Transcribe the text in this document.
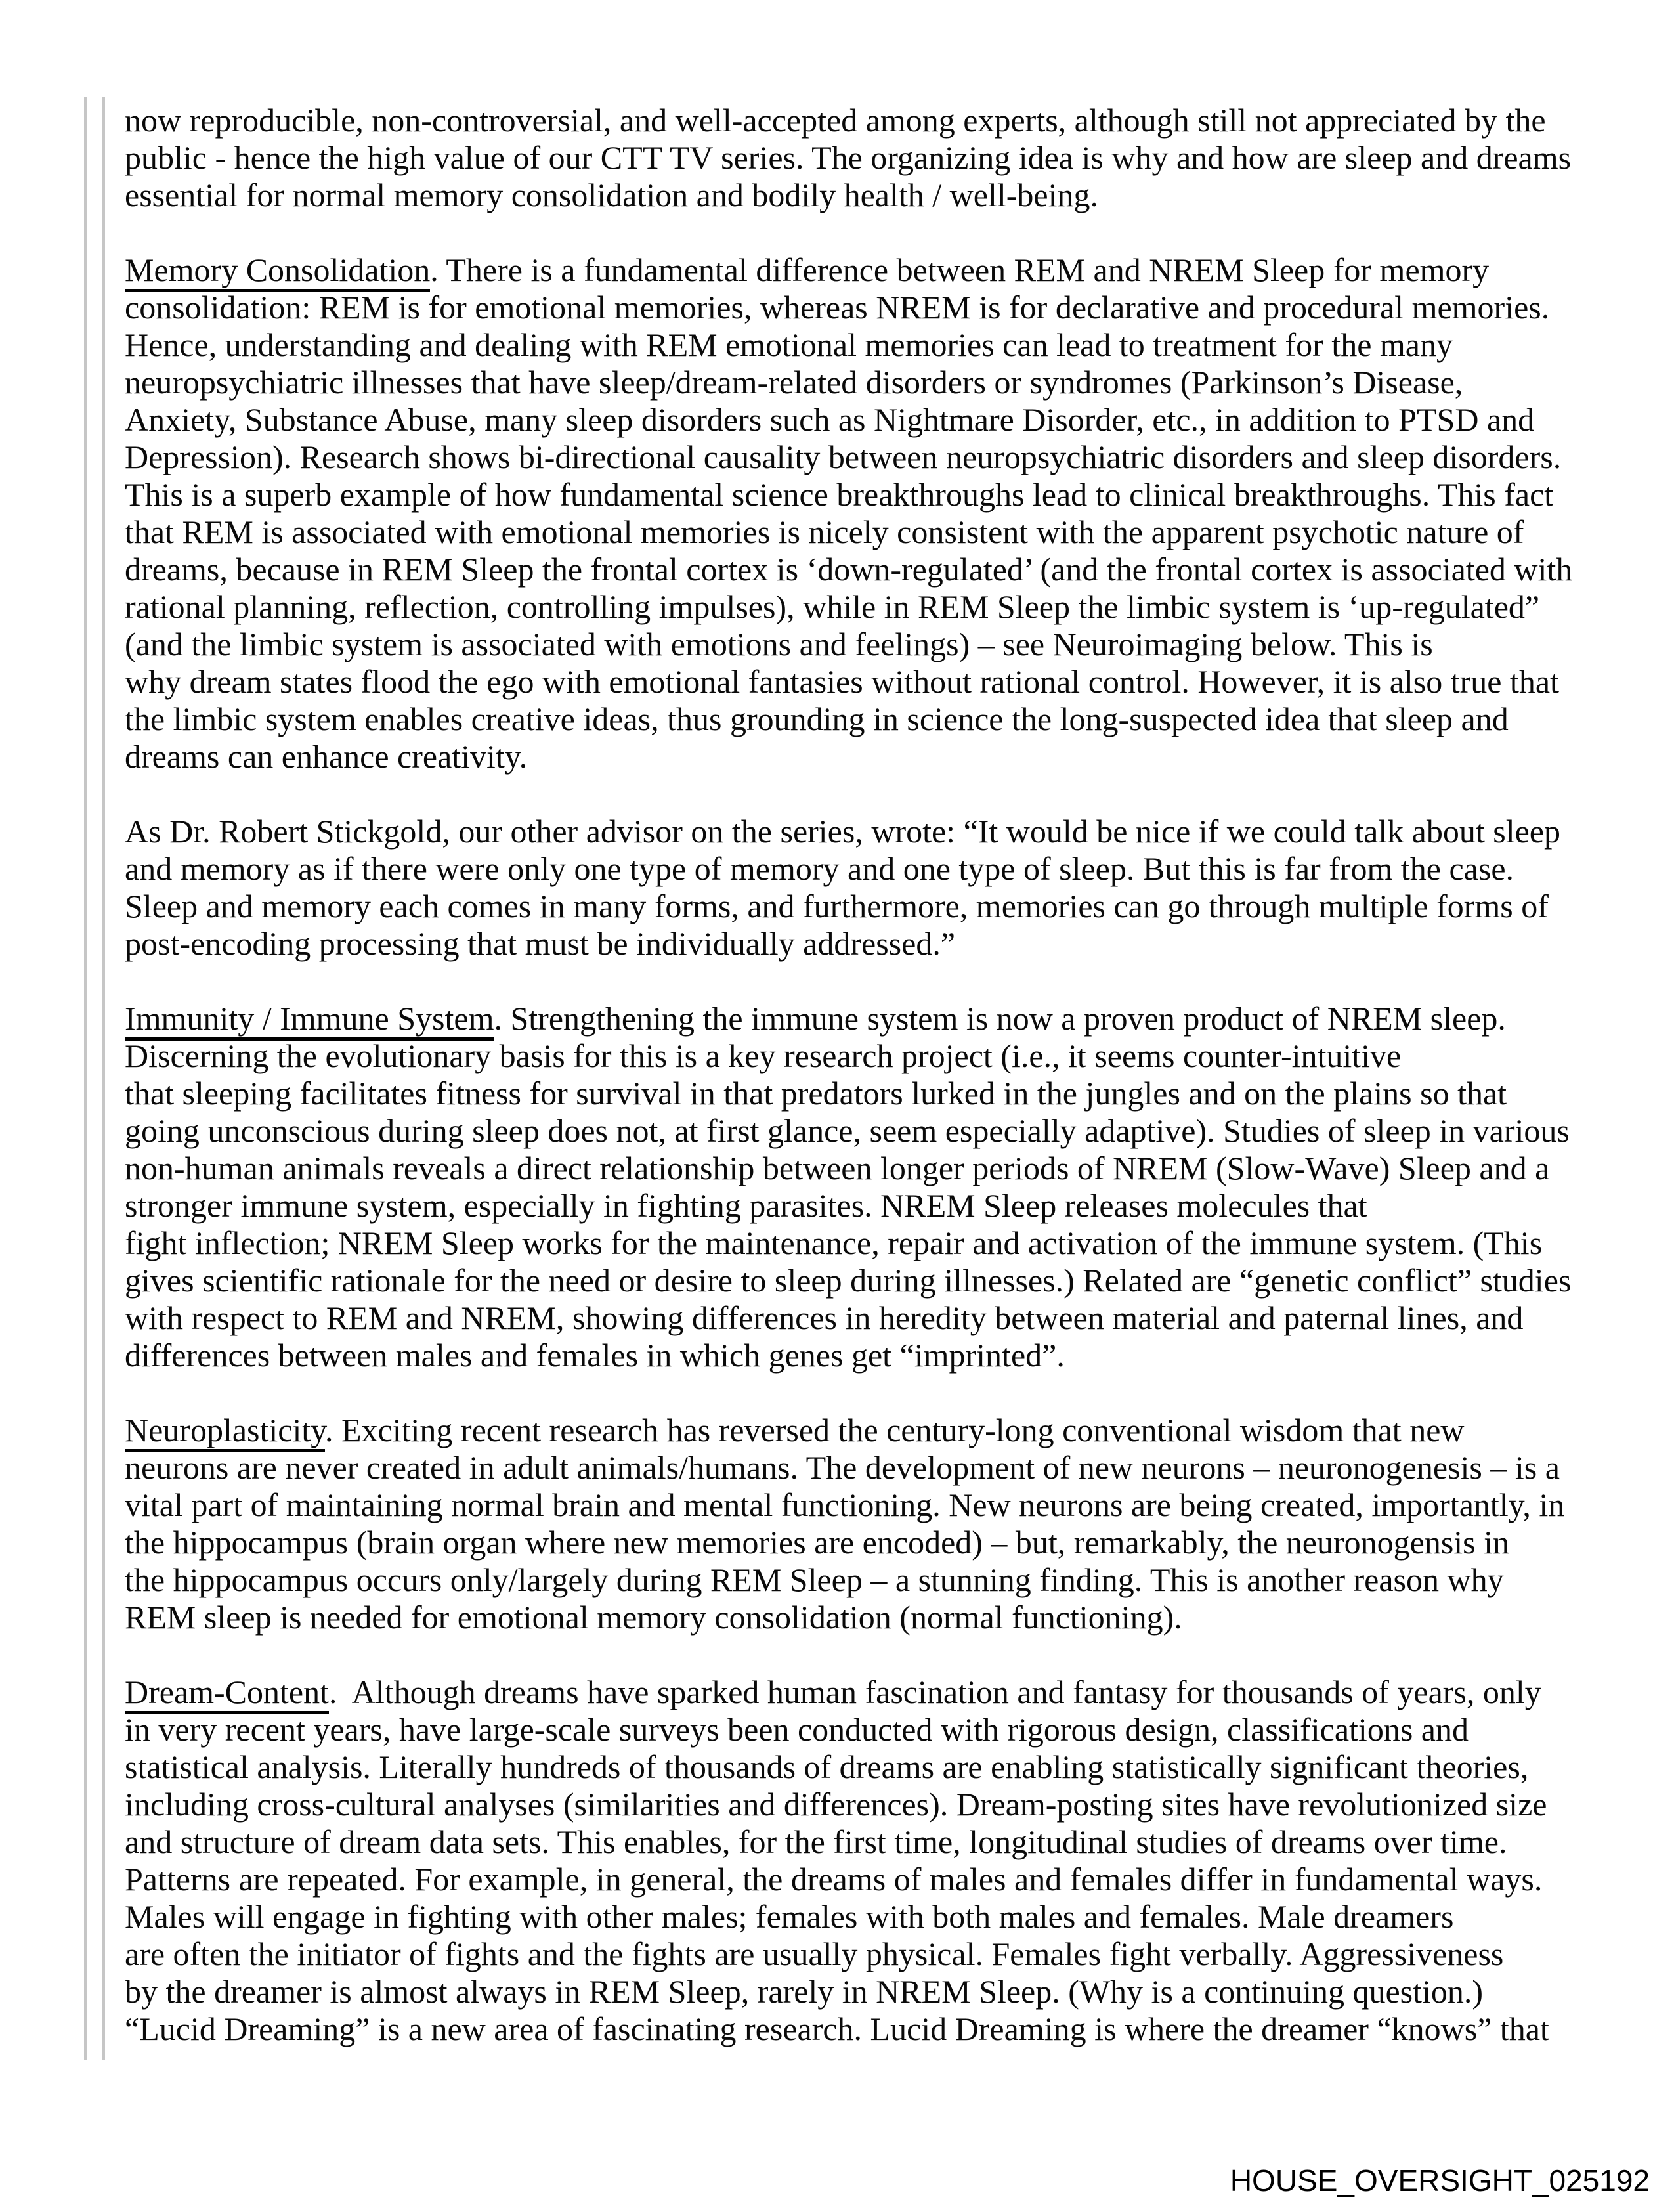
now reproducible, non-controversial, and well-accepted among experts, although still not appreciated by the
public - hence the high value of our CTT TV series. The organizing idea is why and how are sleep and dreams
essential for normal memory consolidation and bodily health / well-being.

Memory Consolidation. There is a fundamental difference between REM and NREM Sleep for memory
consolidation: REM is for emotional memories, whereas NREM is for declarative and procedural memories.
Hence, understanding and dealing with REM emotional memories can lead to treatment for the many
neuropsychiatric illnesses that have sleep/dream-related disorders or syndromes (Parkinson’s Disease,
Anxiety, Substance Abuse, many sleep disorders such as Nightmare Disorder, etc., in addition to PTSD and
Depression). Research shows bi-directional causality between neuropsychiatric disorders and sleep disorders.
This is a superb example of how fundamental science breakthroughs lead to clinical breakthroughs. This fact
that REM is associated with emotional memories is nicely consistent with the apparent psychotic nature of
dreams, because in REM Sleep the frontal cortex is ‘down-regulated’ (and the frontal cortex is associated with
rational planning, reflection, controlling impulses), while in REM Sleep the limbic system is ‘up-regulated”
(and the limbic system is associated with emotions and feelings) – see Neuroimaging below. This is
why dream states flood the ego with emotional fantasies without rational control. However, it is also true that
the limbic system enables creative ideas, thus grounding in science the long-suspected idea that sleep and
dreams can enhance creativity.

As Dr. Robert Stickgold, our other advisor on the series, wrote: “It would be nice if we could talk about sleep
and memory as if there were only one type of memory and one type of sleep. But this is far from the case.
Sleep and memory each comes in many forms, and furthermore, memories can go through multiple forms of
post-encoding processing that must be individually addressed.”

Immunity / Immune System. Strengthening the immune system is now a proven product of NREM sleep.
Discerning the evolutionary basis for this is a key research project (i.e., it seems counter-intuitive
that sleeping facilitates fitness for survival in that predators lurked in the jungles and on the plains so that
going unconscious during sleep does not, at first glance, seem especially adaptive). Studies of sleep in various
non-human animals reveals a direct relationship between longer periods of NREM (Slow-Wave) Sleep and a
stronger immune system, especially in fighting parasites. NREM Sleep releases molecules that
fight inflection; NREM Sleep works for the maintenance, repair and activation of the immune system. (This
gives scientific rationale for the need or desire to sleep during illnesses.) Related are “genetic conflict” studies
with respect to REM and NREM, showing differences in heredity between material and paternal lines, and
differences between males and females in which genes get “imprinted”.

Neuroplasticity. Exciting recent research has reversed the century-long conventional wisdom that new
neurons are never created in adult animals/humans. The development of new neurons – neuronogenesis – is a
vital part of maintaining normal brain and mental functioning. New neurons are being created, importantly, in
the hippocampus (brain organ where new memories are encoded) – but, remarkably, the neuronogensis in
the hippocampus occurs only/largely during REM Sleep – a stunning finding. This is another reason why
REM sleep is needed for emotional memory consolidation (normal functioning).

Dream-Content.  Although dreams have sparked human fascination and fantasy for thousands of years, only
in very recent years, have large-scale surveys been conducted with rigorous design, classifications and
statistical analysis. Literally hundreds of thousands of dreams are enabling statistically significant theories,
including cross-cultural analyses (similarities and differences). Dream-posting sites have revolutionized size
and structure of dream data sets. This enables, for the first time, longitudinal studies of dreams over time.
Patterns are repeated. For example, in general, the dreams of males and females differ in fundamental ways.
Males will engage in fighting with other males; females with both males and females. Male dreamers
are often the initiator of fights and the fights are usually physical. Females fight verbally. Aggressiveness
by the dreamer is almost always in REM Sleep, rarely in NREM Sleep. (Why is a continuing question.)
“Lucid Dreaming” is a new area of fascinating research. Lucid Dreaming is where the dreamer “knows” that

HOUSE_OVERSIGHT_025192
